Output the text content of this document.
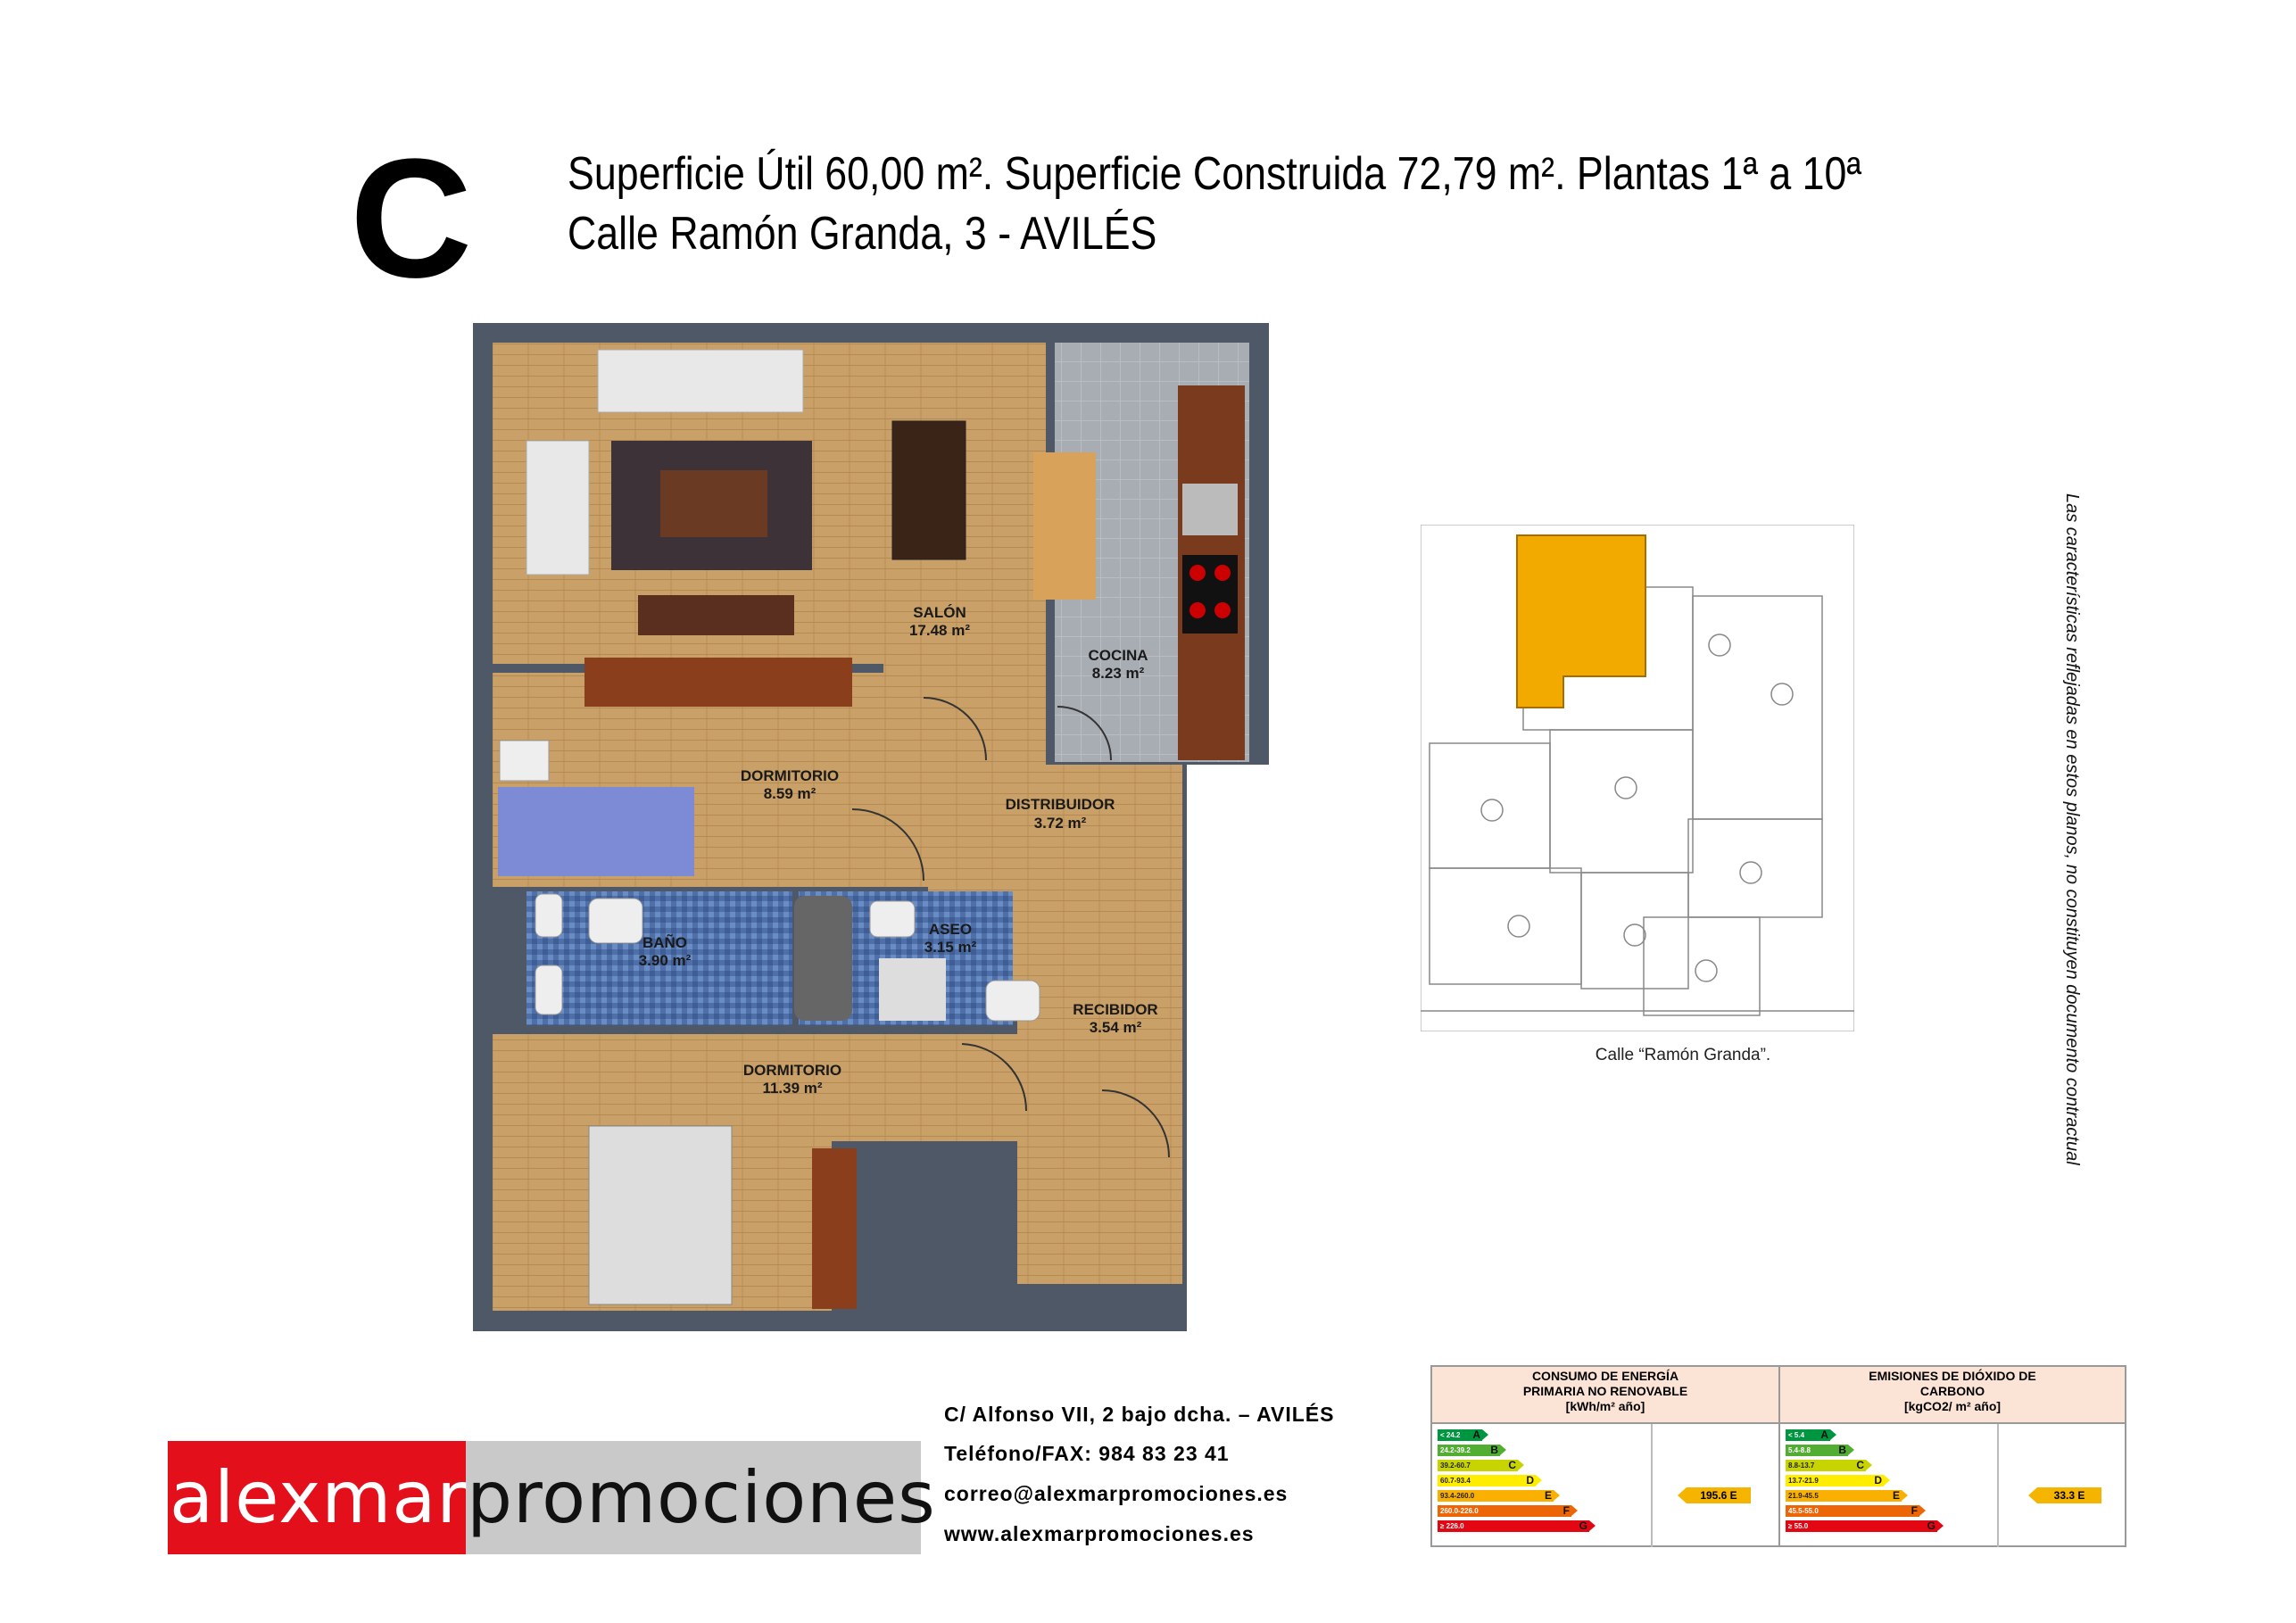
C Superficie Útil 60,00 m². Superficie Construida 72,79 m². Plantas 1ª a 10ª
Calle Ramón Granda, 3 - AVILÉS
SALÓN
17.48 m²
COCINA
8.23 m²
DORMITORIO
8.59 m²
DISTRIBUIDOR
3.72 m²
BAÑO
3.90 m²
ASEO
3.15 m²
RECIBIDOR
3.54 m²
DORMITORIO
11.39 m²
Calle “Ramón Granda”.	Las características reflejadas en estos planos, no constituyen documento contractual
alexmarpromociones
C/ Alfonso VII, 2 bajo dcha. – AVILÉS
Teléfono/FAX: 984 83 23 41
correo@alexmarpromociones.es
www.alexmarpromociones.es
CONSUMO DE ENERGÍA
PRIMARIA NO RENOVABLE
[kWh/m² año]
EMISIONES DE DIÓXIDO DE
CARBONO
[kgCO2/ m² año]
< 24.2 A
24.2-39.2 B
39.2-60.7	C
60.7-93.4	D
93.4-260.0	E
260.0-226.0	F
≥ 226.0	G
195.6 E
< 5.4 A
5.4-8.8	B
8.8-13.7	C
13.7-21.9	D
21.9-45.5	E
45.5-55.0	F
≥ 55.0	G
33.3 E
